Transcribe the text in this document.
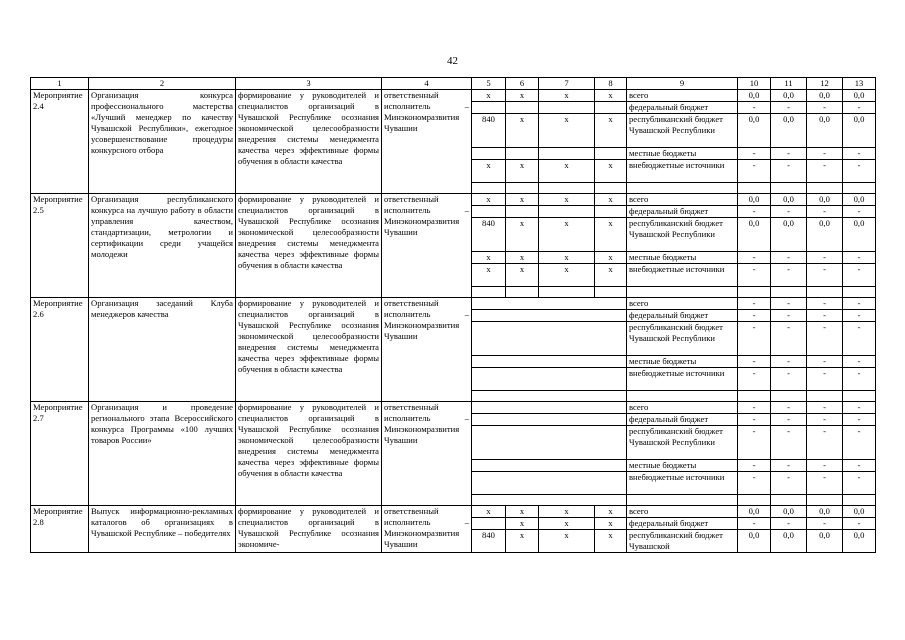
42
1	2	3	4	5	6	7	8	9	10	11	12	13
Мероприятие 2.4	Организация конкурса профессионального мастерства «Лучший менеджер по качеству Чувашской Республики», ежегодное усовершенствование процедуры конкурсного отбора	формирование у руководителей и специалистов организаций в Чувашской Республике осознания экономической целесообразности внедрения системы менеджмента качества через эффективные формы обучения в области качества	ответственный исполнитель – Минэкономразвития Чувашии	x	x	x	x	всего	0,0	0,0	0,0	0,0
								федеральный бюджет	-	-	-	-
				840	x	x	x	республиканский бюджет Чувашской Республики	0,0	0,0	0,0	0,0
								местные бюджеты	-	-	-	-
				x	x	x	x	внебюджетные источники	-	-	-	-

Мероприятие 2.5	Организация республиканского конкурса на лучшую работу в области управления качеством, стандартизации, метрологии и сертификации среди учащейся молодежи	формирование у руководителей и специалистов организаций в Чувашской Республике осознания экономической целесообразности внедрения системы менеджмента качества через эффективные формы обучения в области качества	ответственный исполнитель – Минэкономразвития Чувашии	x	x	x	x	всего	0,0	0,0	0,0	0,0
								федеральный бюджет	-	-	-	-
				840	x	x	x	республиканский бюджет Чувашской Республики	0,0	0,0	0,0	0,0
				x	x	x	x	местные бюджеты	-	-	-	-
				x	x	x	x	внебюджетные источники	-	-	-	-

Мероприятие 2.6	Организация заседаний Клуба менеджеров качества	формирование у руководителей и специалистов организаций в Чувашской Республике осознания экономической целесообразности внедрения системы менеджмента качества через эффективные формы обучения в области качества	ответственный исполнитель – Минэкономразвития Чувашии					всего	-	-	-	-
								федеральный бюджет	-	-	-	-
								республиканский бюджет Чувашской Республики	-	-	-	-
								местные бюджеты	-	-	-	-
								внебюджетные источники	-	-	-	-

Мероприятие 2.7	Организация и проведение регионального этапа Всероссийского конкурса Программы «100 лучших товаров России»	формирование у руководителей и специалистов организаций в Чувашской Республике осознания экономической целесообразности внедрения системы менеджмента качества через эффективные формы обучения в области качества	ответственный исполнитель – Минэкономразвития Чувашии					всего	-	-	-	-
								федеральный бюджет	-	-	-	-
								республиканский бюджет Чувашской Республики	-	-	-	-
								местные бюджеты	-	-	-	-
								внебюджетные источники	-	-	-	-

Мероприятие 2.8	Выпуск информационно-рекламных каталогов об организациях в Чувашской Республике – победителях	формирование у руководителей и специалистов организаций в Чувашской Республике осознания экономиче-	ответственный исполнитель – Минэкономразвития Чувашии	x	x	x	x	всего	0,0	0,0	0,0	0,0
					x	x	x	федеральный бюджет	-	-	-	-
				840	x	x	x	республиканский бюджет Чувашской	0,0	0,0	0,0	0,0
